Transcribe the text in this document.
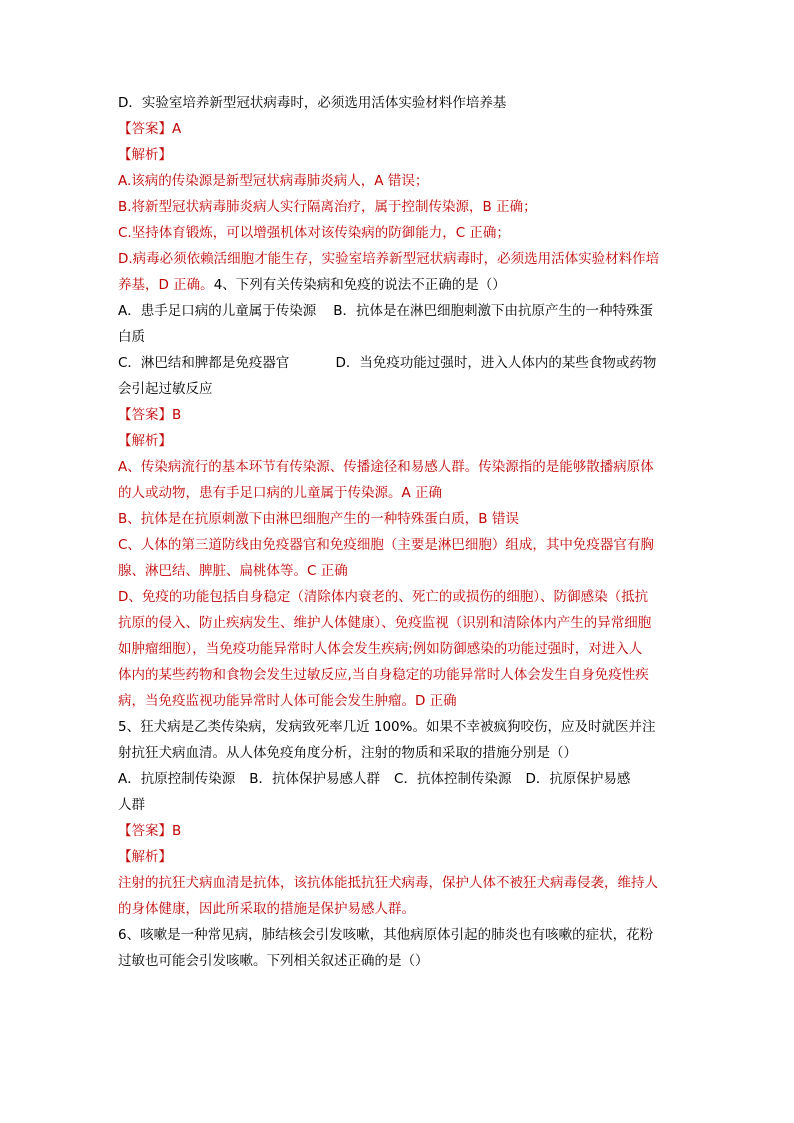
D．实验室培养新型冠状病毒时，必须选用活体实验材料作培养基

【答案】A

【解析】

A.该病的传染源是新型冠状病毒肺炎病人，A 错误；

B.将新型冠状病毒肺炎病人实行隔离治疗，属于控制传染源，B 正确；

C.坚持体育锻炼，可以增强机体对该传染病的防御能力，C 正确；

D.病毒必须依赖活细胞才能生存，实验室培养新型冠状病毒时，必须选用活体实验材料作培

养基，D 正确。4、下列有关传染病和免疫的说法不正确的是（）

A．患手足口病的儿童属于传染源 B．抗体是在淋巴细胞刺激下由抗原产生的一种特殊蛋

白质

C．淋巴结和脾都是免疫器官	D．当免疫功能过强时，进入人体内的某些食物或药物

会引起过敏反应

【答案】B

【解析】

A、传染病流行的基本环节有传染源、传播途径和易感人群。传染源指的是能够散播病原体

的人或动物，患有手足口病的儿童属于传染源。A 正确

B、抗体是在抗原刺激下由淋巴细胞产生的一种特殊蛋白质，B 错误

C、人体的第三道防线由免疫器官和免疫细胞（主要是淋巴细胞）组成，其中免疫器官有胸

腺、淋巴结、脾脏、扁桃体等。C 正确

D、免疫的功能包括自身稳定（清除体内衰老的、死亡的或损伤的细胞）、防御感染（抵抗

抗原的侵入、防止疾病发生、维护人体健康）、免疫监视（识别和清除体内产生的异常细胞

如肿瘤细胞），当免疫功能异常时人体会发生疾病;例如防御感染的功能过强时，对进入人

体内的某些药物和食物会发生过敏反应,当自身稳定的功能异常时人体会发生自身免疫性疾

病，当免疫监视功能异常时人体可能会发生肿瘤。D 正确

5、狂犬病是乙类传染病，发病致死率几近 100%。如果不幸被疯狗咬伤，应及时就医并注

射抗狂犬病血清。从人体免疫角度分析，注射的物质和采取的措施分别是（）

A．抗原控制传染源 B．抗体保护易感人群 C．抗体控制传染源 D．抗原保护易感

人群

【答案】B

【解析】

注射的抗狂犬病血清是抗体，该抗体能抵抗狂犬病毒，保护人体不被狂犬病毒侵袭，维持人

的身体健康，因此所采取的措施是保护易感人群。

6、咳嗽是一种常见病，肺结核会引发咳嗽，其他病原体引起的肺炎也有咳嗽的症状，花粉

过敏也可能会引发咳嗽。下列相关叙述正确的是（）
